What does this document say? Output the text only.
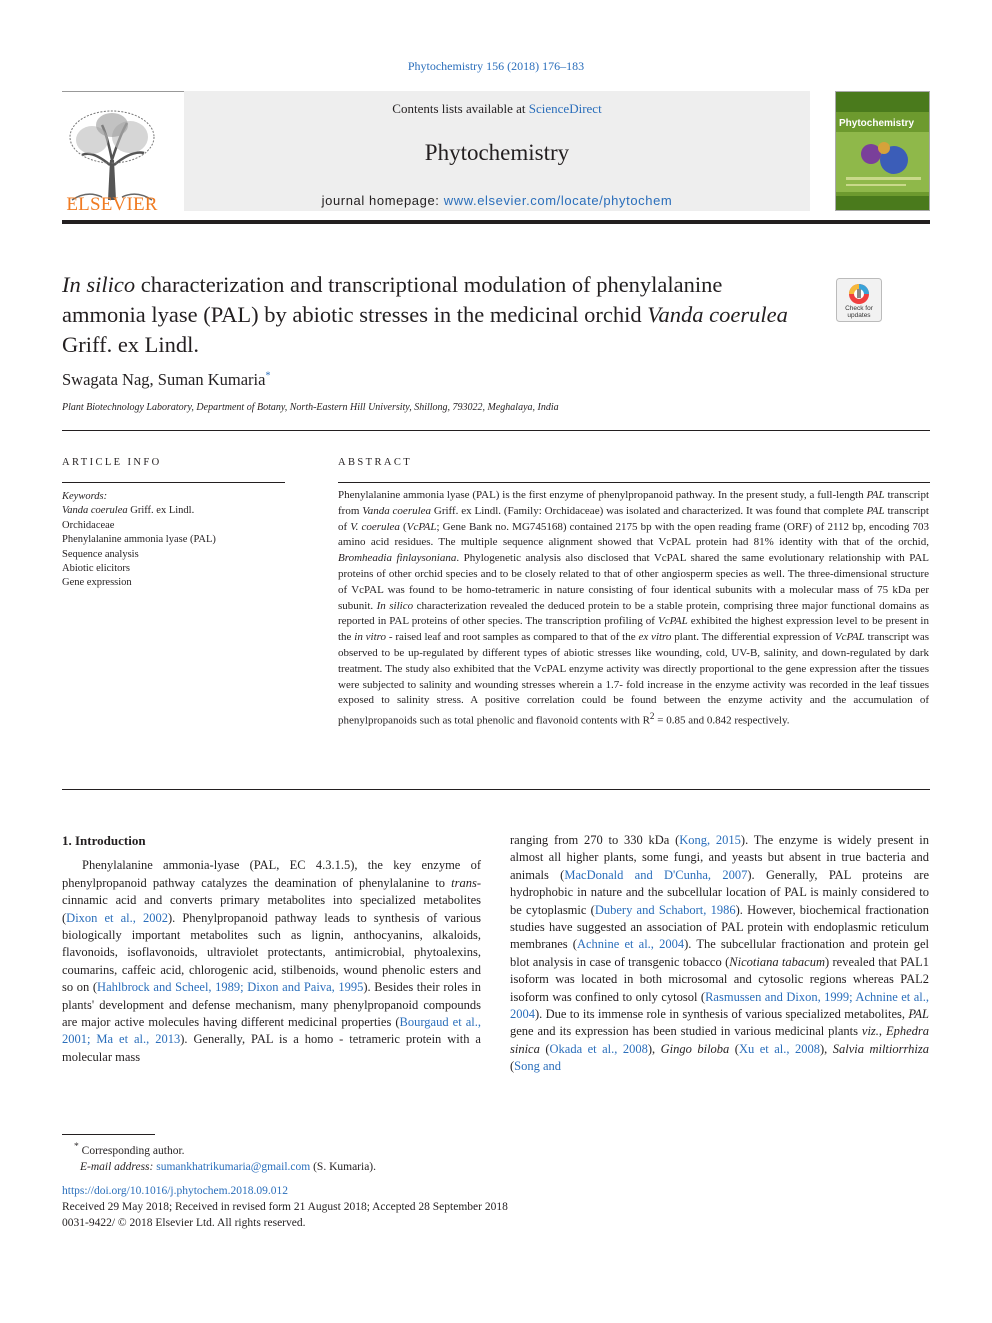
Phytochemistry 156 (2018) 176–183
ELSEVIER
Contents lists available at ScienceDirect
Phytochemistry
journal homepage: www.elsevier.com/locate/phytochem
Phytochemistry
In silico characterization and transcriptional modulation of phenylalanine ammonia lyase (PAL) by abiotic stresses in the medicinal orchid Vanda coerulea Griff. ex Lindl.
Check for updates
Swagata Nag, Suman Kumaria*
Plant Biotechnology Laboratory, Department of Botany, North-Eastern Hill University, Shillong, 793022, Meghalaya, India
ARTICLE INFO	ABSTRACT
Keywords:
Vanda coerulea Griff. ex Lindl.
Orchidaceae
Phenylalanine ammonia lyase (PAL)
Sequence analysis
Abiotic elicitors
Gene expression
Phenylalanine ammonia lyase (PAL) is the first enzyme of phenylpropanoid pathway. In the present study, a full-length PAL transcript from Vanda coerulea Griff. ex Lindl. (Family: Orchidaceae) was isolated and characterized. It was found that complete PAL transcript of V. coerulea (VcPAL; Gene Bank no. MG745168) contained 2175 bp with the open reading frame (ORF) of 2112 bp, encoding 703 amino acid residues. The multiple sequence alignment showed that VcPAL protein had 81% identity with that of the orchid, Bromheadia finlaysoniana. Phylogenetic analysis also disclosed that VcPAL shared the same evolutionary relationship with PAL proteins of other orchid species and to be closely related to that of other angiosperm species as well. The three-dimensional structure of VcPAL was found to be homo-tetrameric in nature consisting of four identical subunits with a molecular mass of 75 kDa per subunit. In silico characterization revealed the deduced protein to be a stable protein, comprising three major functional domains as reported in PAL proteins of other species. The transcription profiling of VcPAL exhibited the highest expression level to be present in the in vitro - raised leaf and root samples as compared to that of the ex vitro plant. The differential expression of VcPAL transcript was observed to be up-regulated by different types of abiotic stresses like wounding, cold, UV-B, salinity, and down-regulated by dark treatment. The study also exhibited that the VcPAL enzyme activity was directly proportional to the gene expression after the tissues were subjected to salinity and wounding stresses wherein a 1.7- fold increase in the enzyme activity was recorded in the leaf tissues exposed to salinity stress. A positive correlation could be found between the enzyme activity and the accumulation of phenylpropanoids such as total phenolic and flavonoid contents with $R^2 = 0.85$ and 0.842 respectively.
1. Introduction

Phenylalanine ammonia-lyase (PAL, EC 4.3.1.5), the key enzyme of phenylpropanoid pathway catalyzes the deamination of phenylalanine to trans-cinnamic acid and converts primary metabolites into specialized metabolites (Dixon et al., 2002). Phenylpropanoid pathway leads to synthesis of various biologically important metabolites such as lignin, anthocyanins, alkaloids, flavonoids, isoflavonoids, ultraviolet protectants, antimicrobial, phytoalexins, coumarins, caffeic acid, chlorogenic acid, stilbenoids, wound phenolic esters and so on (Hahlbrock and Scheel, 1989; Dixon and Paiva, 1995). Besides their roles in plants' development and defense mechanism, many phenylpropanoid compounds are major active molecules having different medicinal properties (Bourgaud et al., 2001; Ma et al., 2013). Generally, PAL is a homo - tetrameric protein with a molecular mass

ranging from 270 to 330 kDa (Kong, 2015). The enzyme is widely present in almost all higher plants, some fungi, and yeasts but absent in true bacteria and animals (MacDonald and D'Cunha, 2007). Generally, PAL proteins are hydrophobic in nature and the subcellular location of PAL is mainly considered to be cytoplasmic (Dubery and Schabort, 1986). However, biochemical fractionation studies have suggested an association of PAL protein with endoplasmic reticulum membranes (Achnine et al., 2004). The subcellular fractionation and protein gel blot analysis in case of transgenic tobacco (Nicotiana tabacum) revealed that PAL1 isoform was located in both microsomal and cytosolic regions whereas PAL2 isoform was confined to only cytosol (Rasmussen and Dixon, 1999; Achnine et al., 2004). Due to its immense role in synthesis of various specialized metabolites, PAL gene and its expression has been studied in various medicinal plants viz., Ephedra sinica (Okada et al., 2008), Gingo biloba (Xu et al., 2008), Salvia miltiorrhiza (Song and

* Corresponding author.
E-mail address: sumankhatrikumaria@gmail.com (S. Kumaria).
https://doi.org/10.1016/j.phytochem.2018.09.012
Received 29 May 2018; Received in revised form 21 August 2018; Accepted 28 September 2018
0031-9422/ © 2018 Elsevier Ltd. All rights reserved.
